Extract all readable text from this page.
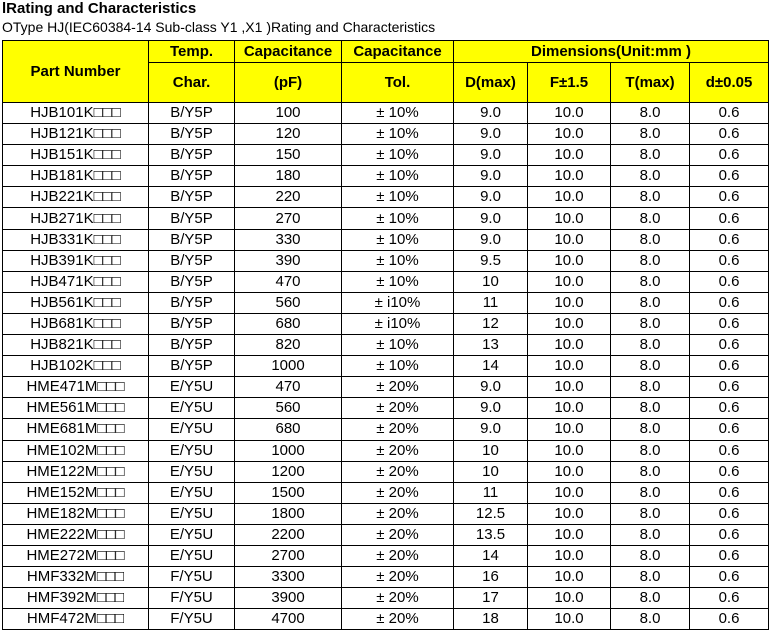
lRating and Characteristics
OType HJ(IEC60384-14 Sub-class Y1 ,X1 )Rating and Characteristics
Part Number	Temp.	Capacitance	Capacitance	Dimensions(Unit:mm )			
	Char.	(pF)	Tol.	D(max)	F±1.5	T(max)	d±0.05
HJB101K□□□	B/Y5P	100	± 10%	9.0	10.0	8.0	0.6
HJB121K□□□	B/Y5P	120	± 10%	9.0	10.0	8.0	0.6
HJB151K□□□	B/Y5P	150	± 10%	9.0	10.0	8.0	0.6
HJB181K□□□	B/Y5P	180	± 10%	9.0	10.0	8.0	0.6
HJB221K□□□	B/Y5P	220	± 10%	9.0	10.0	8.0	0.6
HJB271K□□□	B/Y5P	270	± 10%	9.0	10.0	8.0	0.6
HJB331K□□□	B/Y5P	330	± 10%	9.0	10.0	8.0	0.6
HJB391K□□□	B/Y5P	390	± 10%	9.5	10.0	8.0	0.6
HJB471K□□□	B/Y5P	470	± 10%	10	10.0	8.0	0.6
HJB561K□□□	B/Y5P	560	± i10%	11	10.0	8.0	0.6
HJB681K□□□	B/Y5P	680	± i10%	12	10.0	8.0	0.6
HJB821K□□□	B/Y5P	820	± 10%	13	10.0	8.0	0.6
HJB102K□□□	B/Y5P	1000	± 10%	14	10.0	8.0	0.6
HME471M□□□	E/Y5U	470	± 20%	9.0	10.0	8.0	0.6
HME561M□□□	E/Y5U	560	± 20%	9.0	10.0	8.0	0.6
HME681M□□□	E/Y5U	680	± 20%	9.0	10.0	8.0	0.6
HME102M□□□	E/Y5U	1000	± 20%	10	10.0	8.0	0.6
HME122M□□□	E/Y5U	1200	± 20%	10	10.0	8.0	0.6
HME152M□□□	E/Y5U	1500	± 20%	11	10.0	8.0	0.6
HME182M□□□	E/Y5U	1800	± 20%	12.5	10.0	8.0	0.6
HME222M□□□	E/Y5U	2200	± 20%	13.5	10.0	8.0	0.6
HME272M□□□	E/Y5U	2700	± 20%	14	10.0	8.0	0.6
HMF332M□□□	F/Y5U	3300	± 20%	16	10.0	8.0	0.6
HMF392M□□□	F/Y5U	3900	± 20%	17	10.0	8.0	0.6
HMF472M□□□	F/Y5U	4700	± 20%	18	10.0	8.0	0.6
